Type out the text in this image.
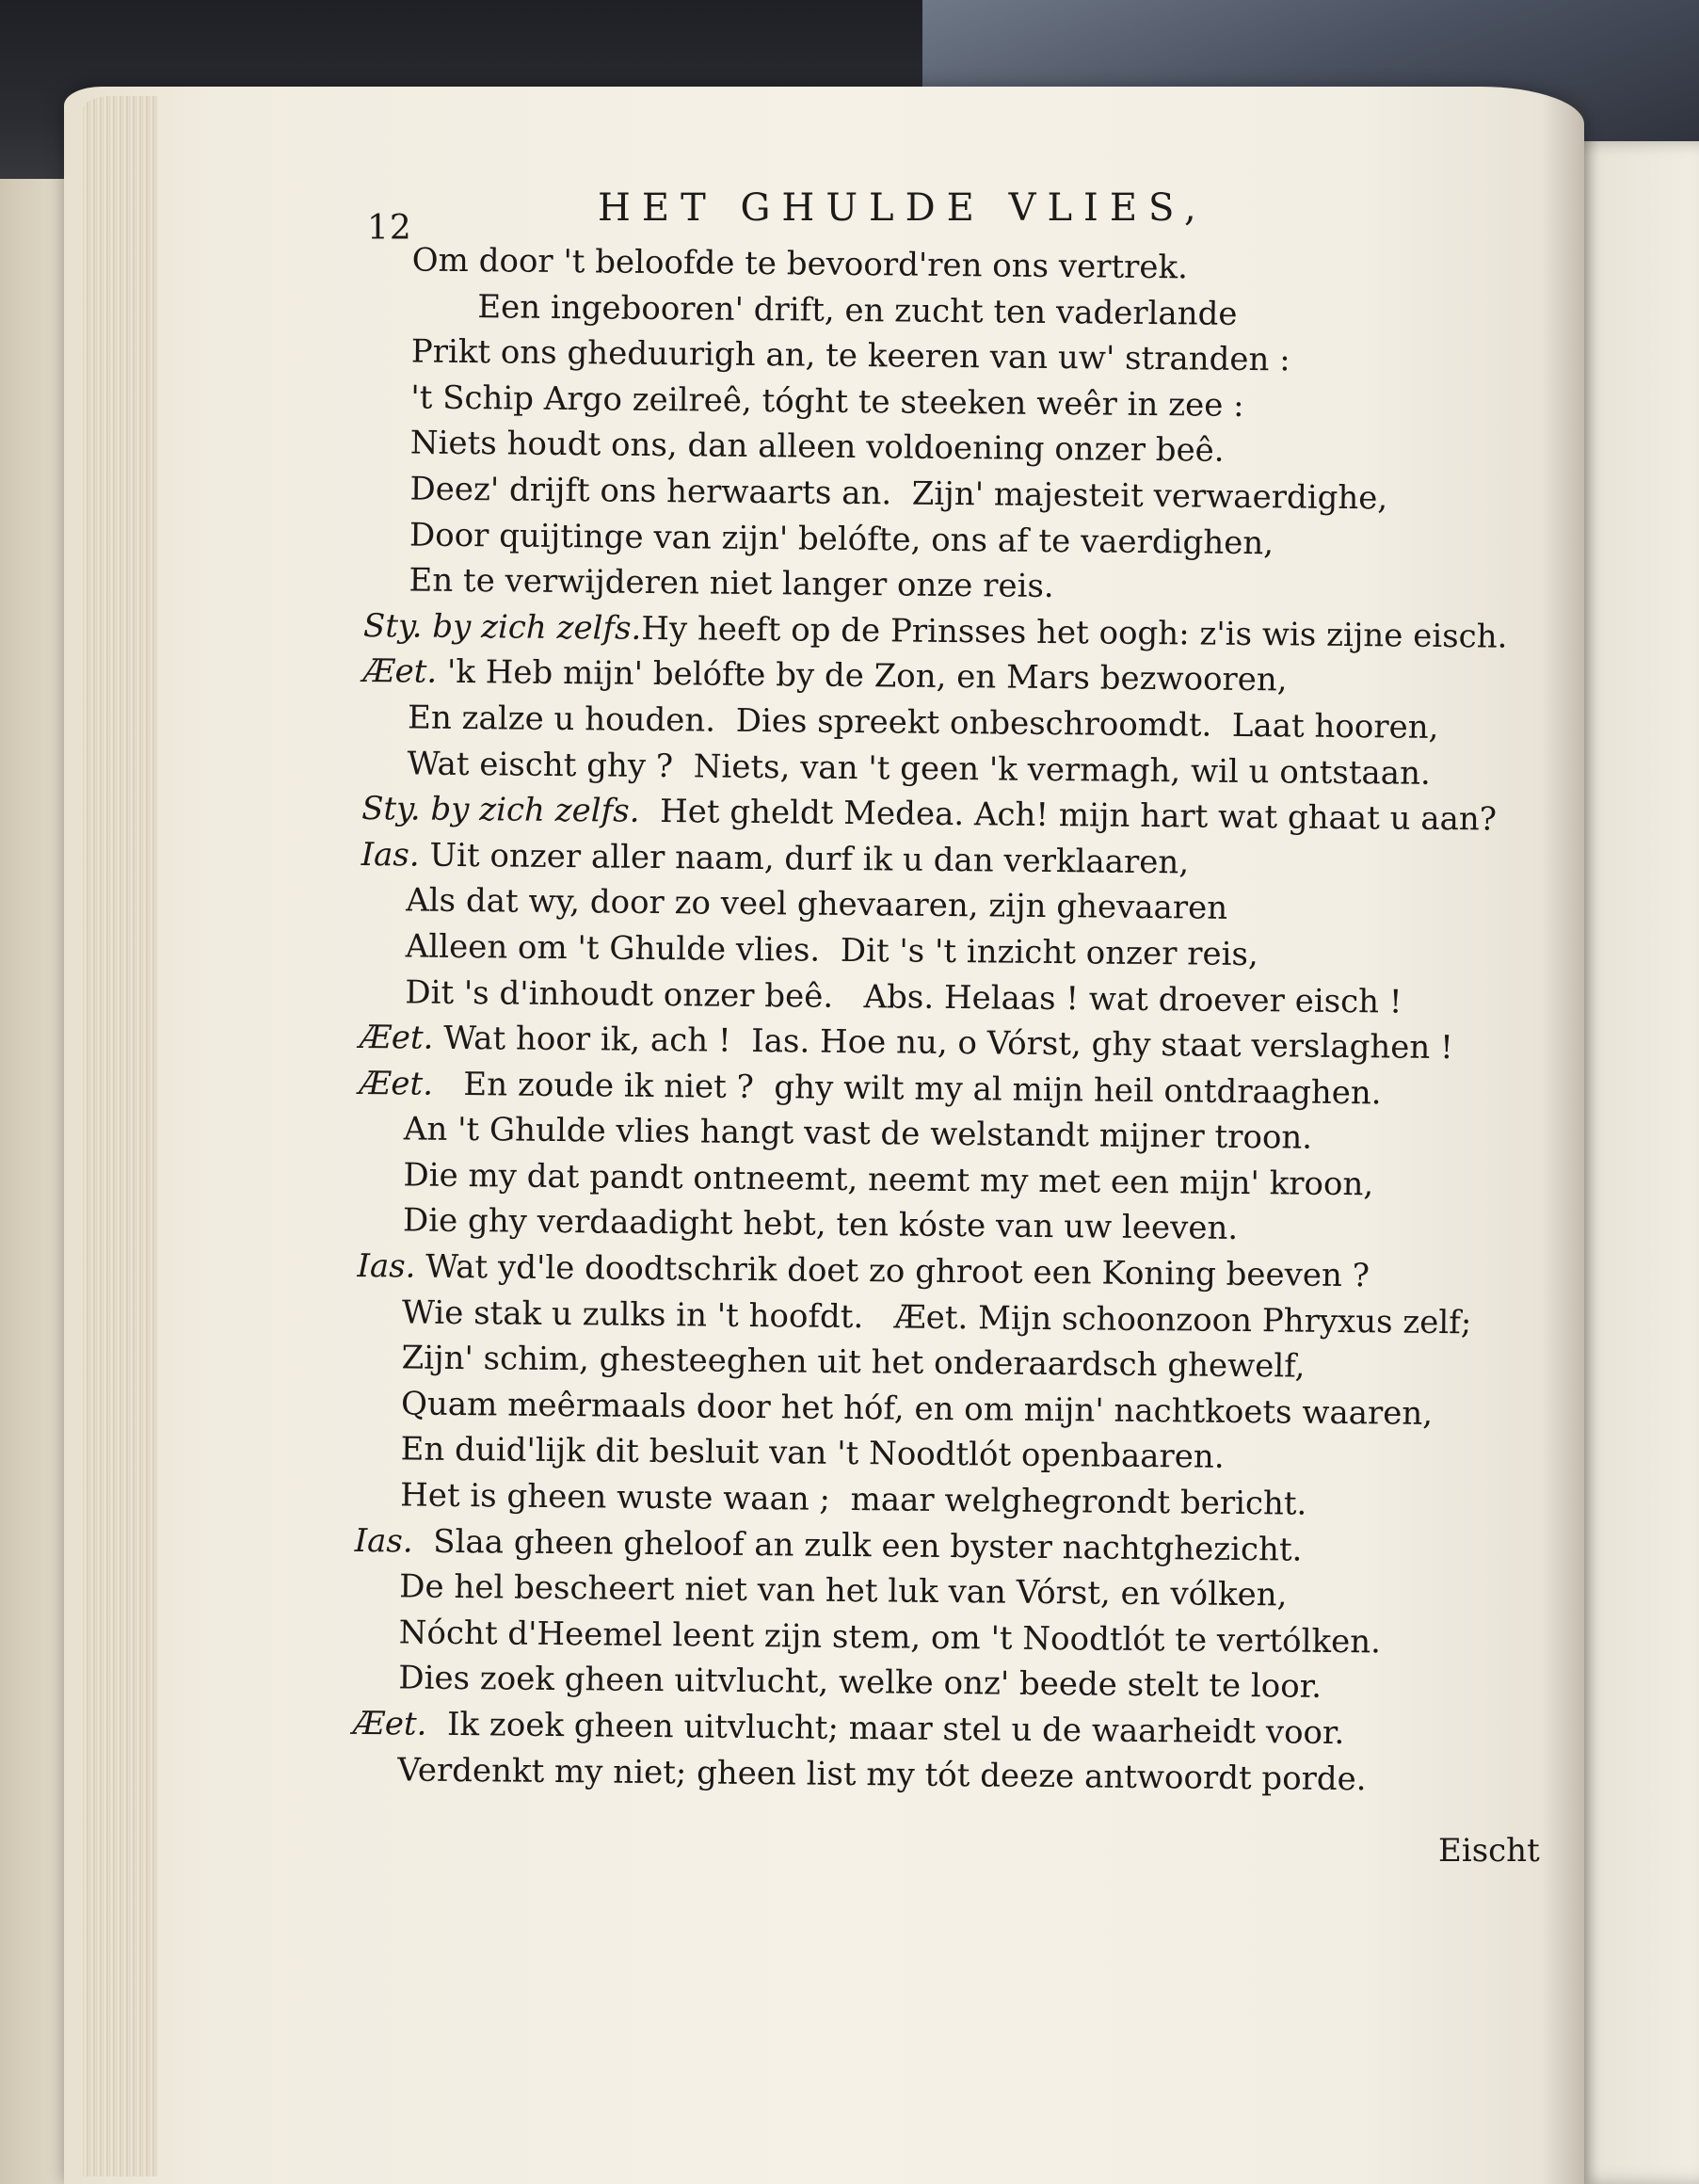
12	HET GHULDE VLIES,
Om door 't beloofde te bevoord'ren ons vertrek.
Een ingebooren' drift, en zucht ten vaderlande
Prikt ons gheduurigh an, te keeren van uw' stranden :
't Schip Argo zeilreê, tóght te steeken weêr in zee :
Niets houdt ons, dan alleen voldoening onzer beê.
Deez' drijft ons herwaarts an.  Zijn' majesteit verwaerdighe,
Door quijtinge van zijn' belófte, ons af te vaerdighen,
En te verwijderen niet langer onze reis.
Sty. by zich zelfs.Hy heeft op de Prinsses het oogh: z'is wis zijne eisch.
Æet. 'k Heb mijn' belófte by de Zon, en Mars bezwooren,
En zalze u houden.  Dies spreekt onbeschroomdt.  Laat hooren,
Wat eischt ghy ?  Niets, van 't geen 'k vermagh, wil u ontstaan.
Sty. by zich zelfs.  Het gheldt Medea. Ach! mijn hart wat ghaat u aan?
Ias. Uit onzer aller naam, durf ik u dan verklaaren,
Als dat wy, door zo veel ghevaaren, zijn ghevaaren
Alleen om 't Ghulde vlies.  Dit 's 't inzicht onzer reis,
Dit 's d'inhoudt onzer beê.   Abs. Helaas ! wat droever eisch !
Æet. Wat hoor ik, ach !  Ias. Hoe nu, o Vórst, ghy staat verslaghen !
Æet.   En zoude ik niet ?  ghy wilt my al mijn heil ontdraaghen.
An 't Ghulde vlies hangt vast de welstandt mijner troon.
Die my dat pandt ontneemt, neemt my met een mijn' kroon,
Die ghy verdaadight hebt, ten kóste van uw leeven.
Ias. Wat yd'le doodtschrik doet zo ghroot een Koning beeven ?
Wie stak u zulks in 't hoofdt.   Æet. Mijn schoonzoon Phryxus zelf;
Zijn' schim, ghesteeghen uit het onderaardsch ghewelf,
Quam meêrmaals door het hóf, en om mijn' nachtkoets waaren,
En duid'lijk dit besluit van 't Noodtlót openbaaren.
Het is gheen wuste waan ;  maar welghegrondt bericht.
Ias.  Slaa gheen gheloof an zulk een byster nachtghezicht.
De hel bescheert niet van het luk van Vórst, en vólken,
Nócht d'Heemel leent zijn stem, om 't Noodtlót te vertólken.
Dies zoek gheen uitvlucht, welke onz' beede stelt te loor.
Æet.  Ik zoek gheen uitvlucht; maar stel u de waarheidt voor.
Verdenkt my niet; gheen list my tót deeze antwoordt porde.
Eischt
